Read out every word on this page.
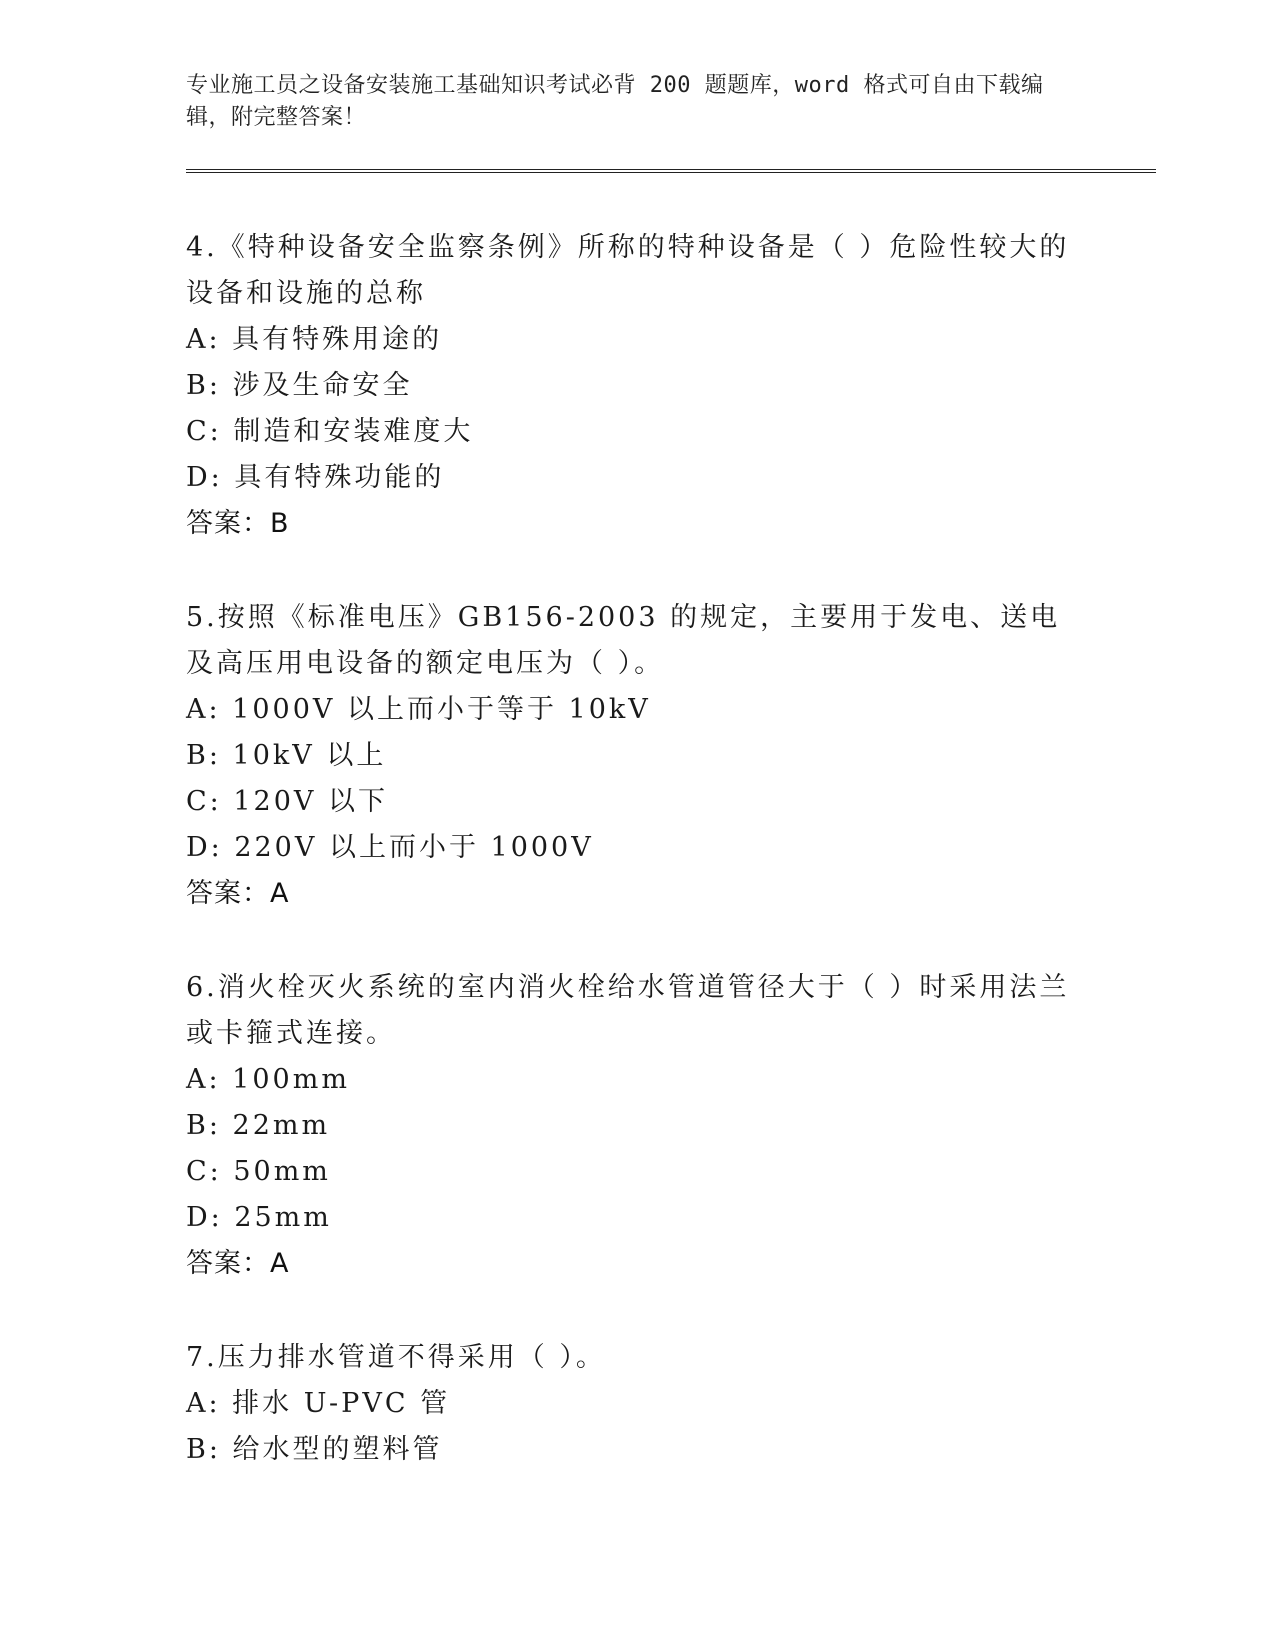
专业施工员之设备安装施工基础知识考试必背 200 题题库，word 格式可自由下载编辑，附完整答案！
4.《特种设备安全监察条例》所称的特种设备是（ ）危险性较大的设备和设施的总称
A: 具有特殊用途的
B: 涉及生命安全
C: 制造和安装难度大
D: 具有特殊功能的
答案：B
5.按照《标准电压》GB156-2003 的规定，主要用于发电、送电及高压用电设备的额定电压为（ ）。
A: 1000V 以上而小于等于 10kV
B: 10kV 以上
C: 120V 以下
D: 220V 以上而小于 1000V
答案：A
6.消火栓灭火系统的室内消火栓给水管道管径大于（ ）时采用法兰或卡箍式连接。
A: 100mm
B: 22mm
C: 50mm
D: 25mm
答案：A
7.压力排水管道不得采用（ ）。
A: 排水 U-PVC 管
B: 给水型的塑料管
